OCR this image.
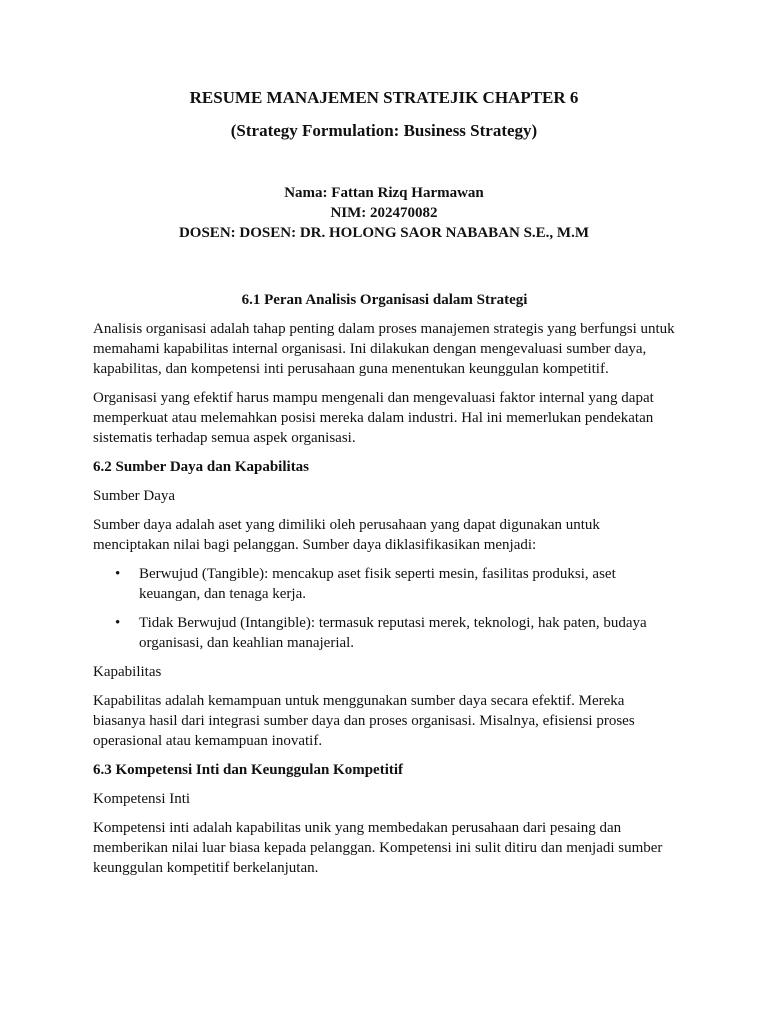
RESUME MANAJEMEN STRATEJIK CHAPTER 6
(Strategy Formulation: Business Strategy)
Nama: Fattan Rizq Harmawan
NIM: 202470082
DOSEN: DOSEN: DR. HOLONG SAOR NABABAN S.E., M.M

6.1 Peran Analisis Organisasi dalam Strategi

Analisis organisasi adalah tahap penting dalam proses manajemen strategis yang berfungsi untuk memahami kapabilitas internal organisasi. Ini dilakukan dengan mengevaluasi sumber daya, kapabilitas, dan kompetensi inti perusahaan guna menentukan keunggulan kompetitif.

Organisasi yang efektif harus mampu mengenali dan mengevaluasi faktor internal yang dapat memperkuat atau melemahkan posisi mereka dalam industri. Hal ini memerlukan pendekatan sistematis terhadap semua aspek organisasi.

6.2 Sumber Daya dan Kapabilitas

Sumber Daya

Sumber daya adalah aset yang dimiliki oleh perusahaan yang dapat digunakan untuk menciptakan nilai bagi pelanggan. Sumber daya diklasifikasikan menjadi:

• Berwujud (Tangible): mencakup aset fisik seperti mesin, fasilitas produksi, aset keuangan, dan tenaga kerja.
• Tidak Berwujud (Intangible): termasuk reputasi merek, teknologi, hak paten, budaya organisasi, dan keahlian manajerial.

Kapabilitas

Kapabilitas adalah kemampuan untuk menggunakan sumber daya secara efektif. Mereka biasanya hasil dari integrasi sumber daya dan proses organisasi. Misalnya, efisiensi proses operasional atau kemampuan inovatif.

6.3 Kompetensi Inti dan Keunggulan Kompetitif

Kompetensi Inti

Kompetensi inti adalah kapabilitas unik yang membedakan perusahaan dari pesaing dan memberikan nilai luar biasa kepada pelanggan. Kompetensi ini sulit ditiru dan menjadi sumber keunggulan kompetitif berkelanjutan.
